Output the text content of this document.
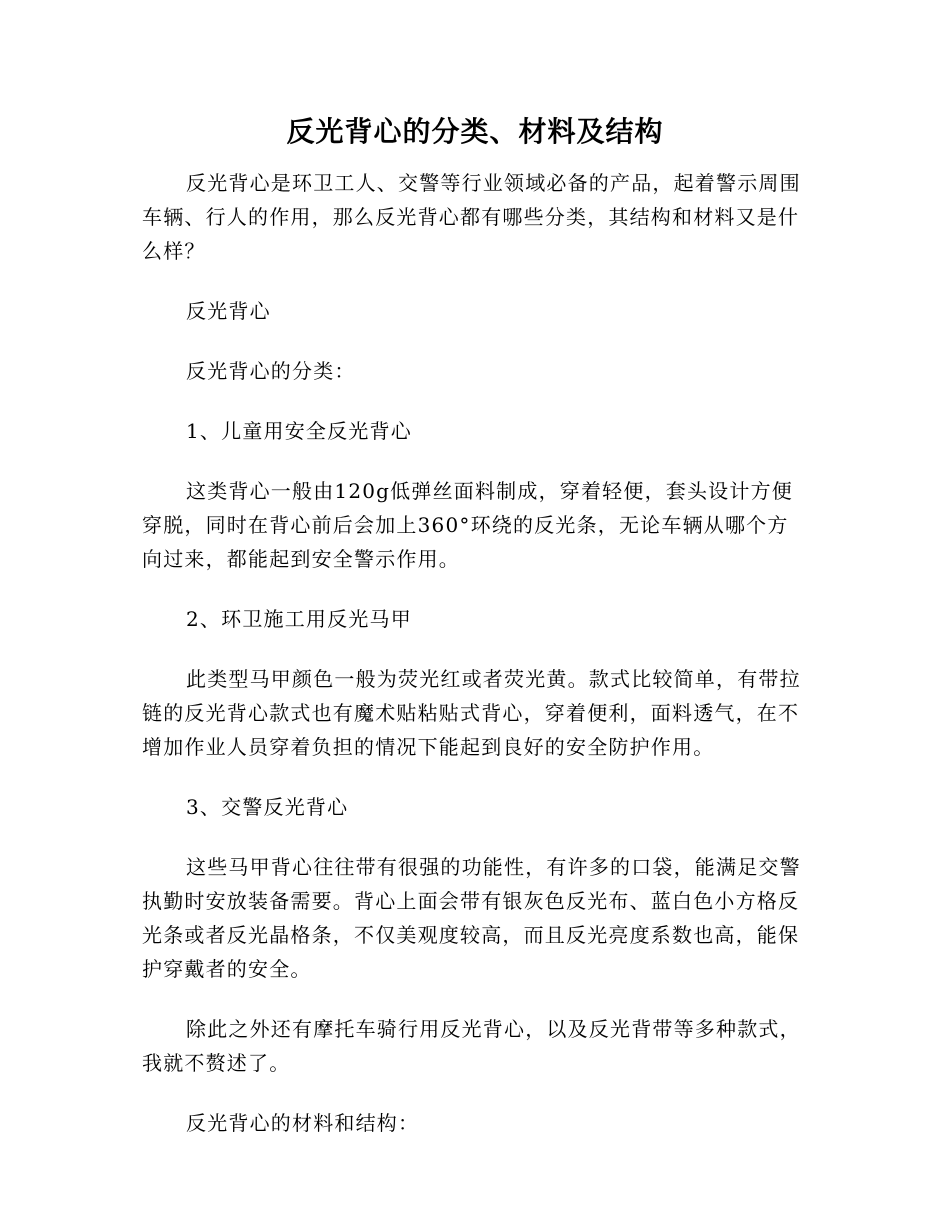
反光背心的分类、材料及结构

反光背心是环卫工人、交警等行业领域必备的产品，起着警示周围车辆、行人的作用，那么反光背心都有哪些分类，其结构和材料又是什么样？

反光背心

反光背心的分类：

1、儿童用安全反光背心

这类背心一般由120g低弹丝面料制成，穿着轻便，套头设计方便穿脱，同时在背心前后会加上360°环绕的反光条，无论车辆从哪个方向过来，都能起到安全警示作用。

2、环卫施工用反光马甲

此类型马甲颜色一般为荧光红或者荧光黄。款式比较简单，有带拉链的反光背心款式也有魔术贴粘贴式背心，穿着便利，面料透气，在不增加作业人员穿着负担的情况下能起到良好的安全防护作用。

3、交警反光背心

这些马甲背心往往带有很强的功能性，有许多的口袋，能满足交警执勤时安放装备需要。背心上面会带有银灰色反光布、蓝白色小方格反光条或者反光晶格条，不仅美观度较高，而且反光亮度系数也高，能保护穿戴者的安全。

除此之外还有摩托车骑行用反光背心，以及反光背带等多种款式，我就不赘述了。

反光背心的材料和结构：
